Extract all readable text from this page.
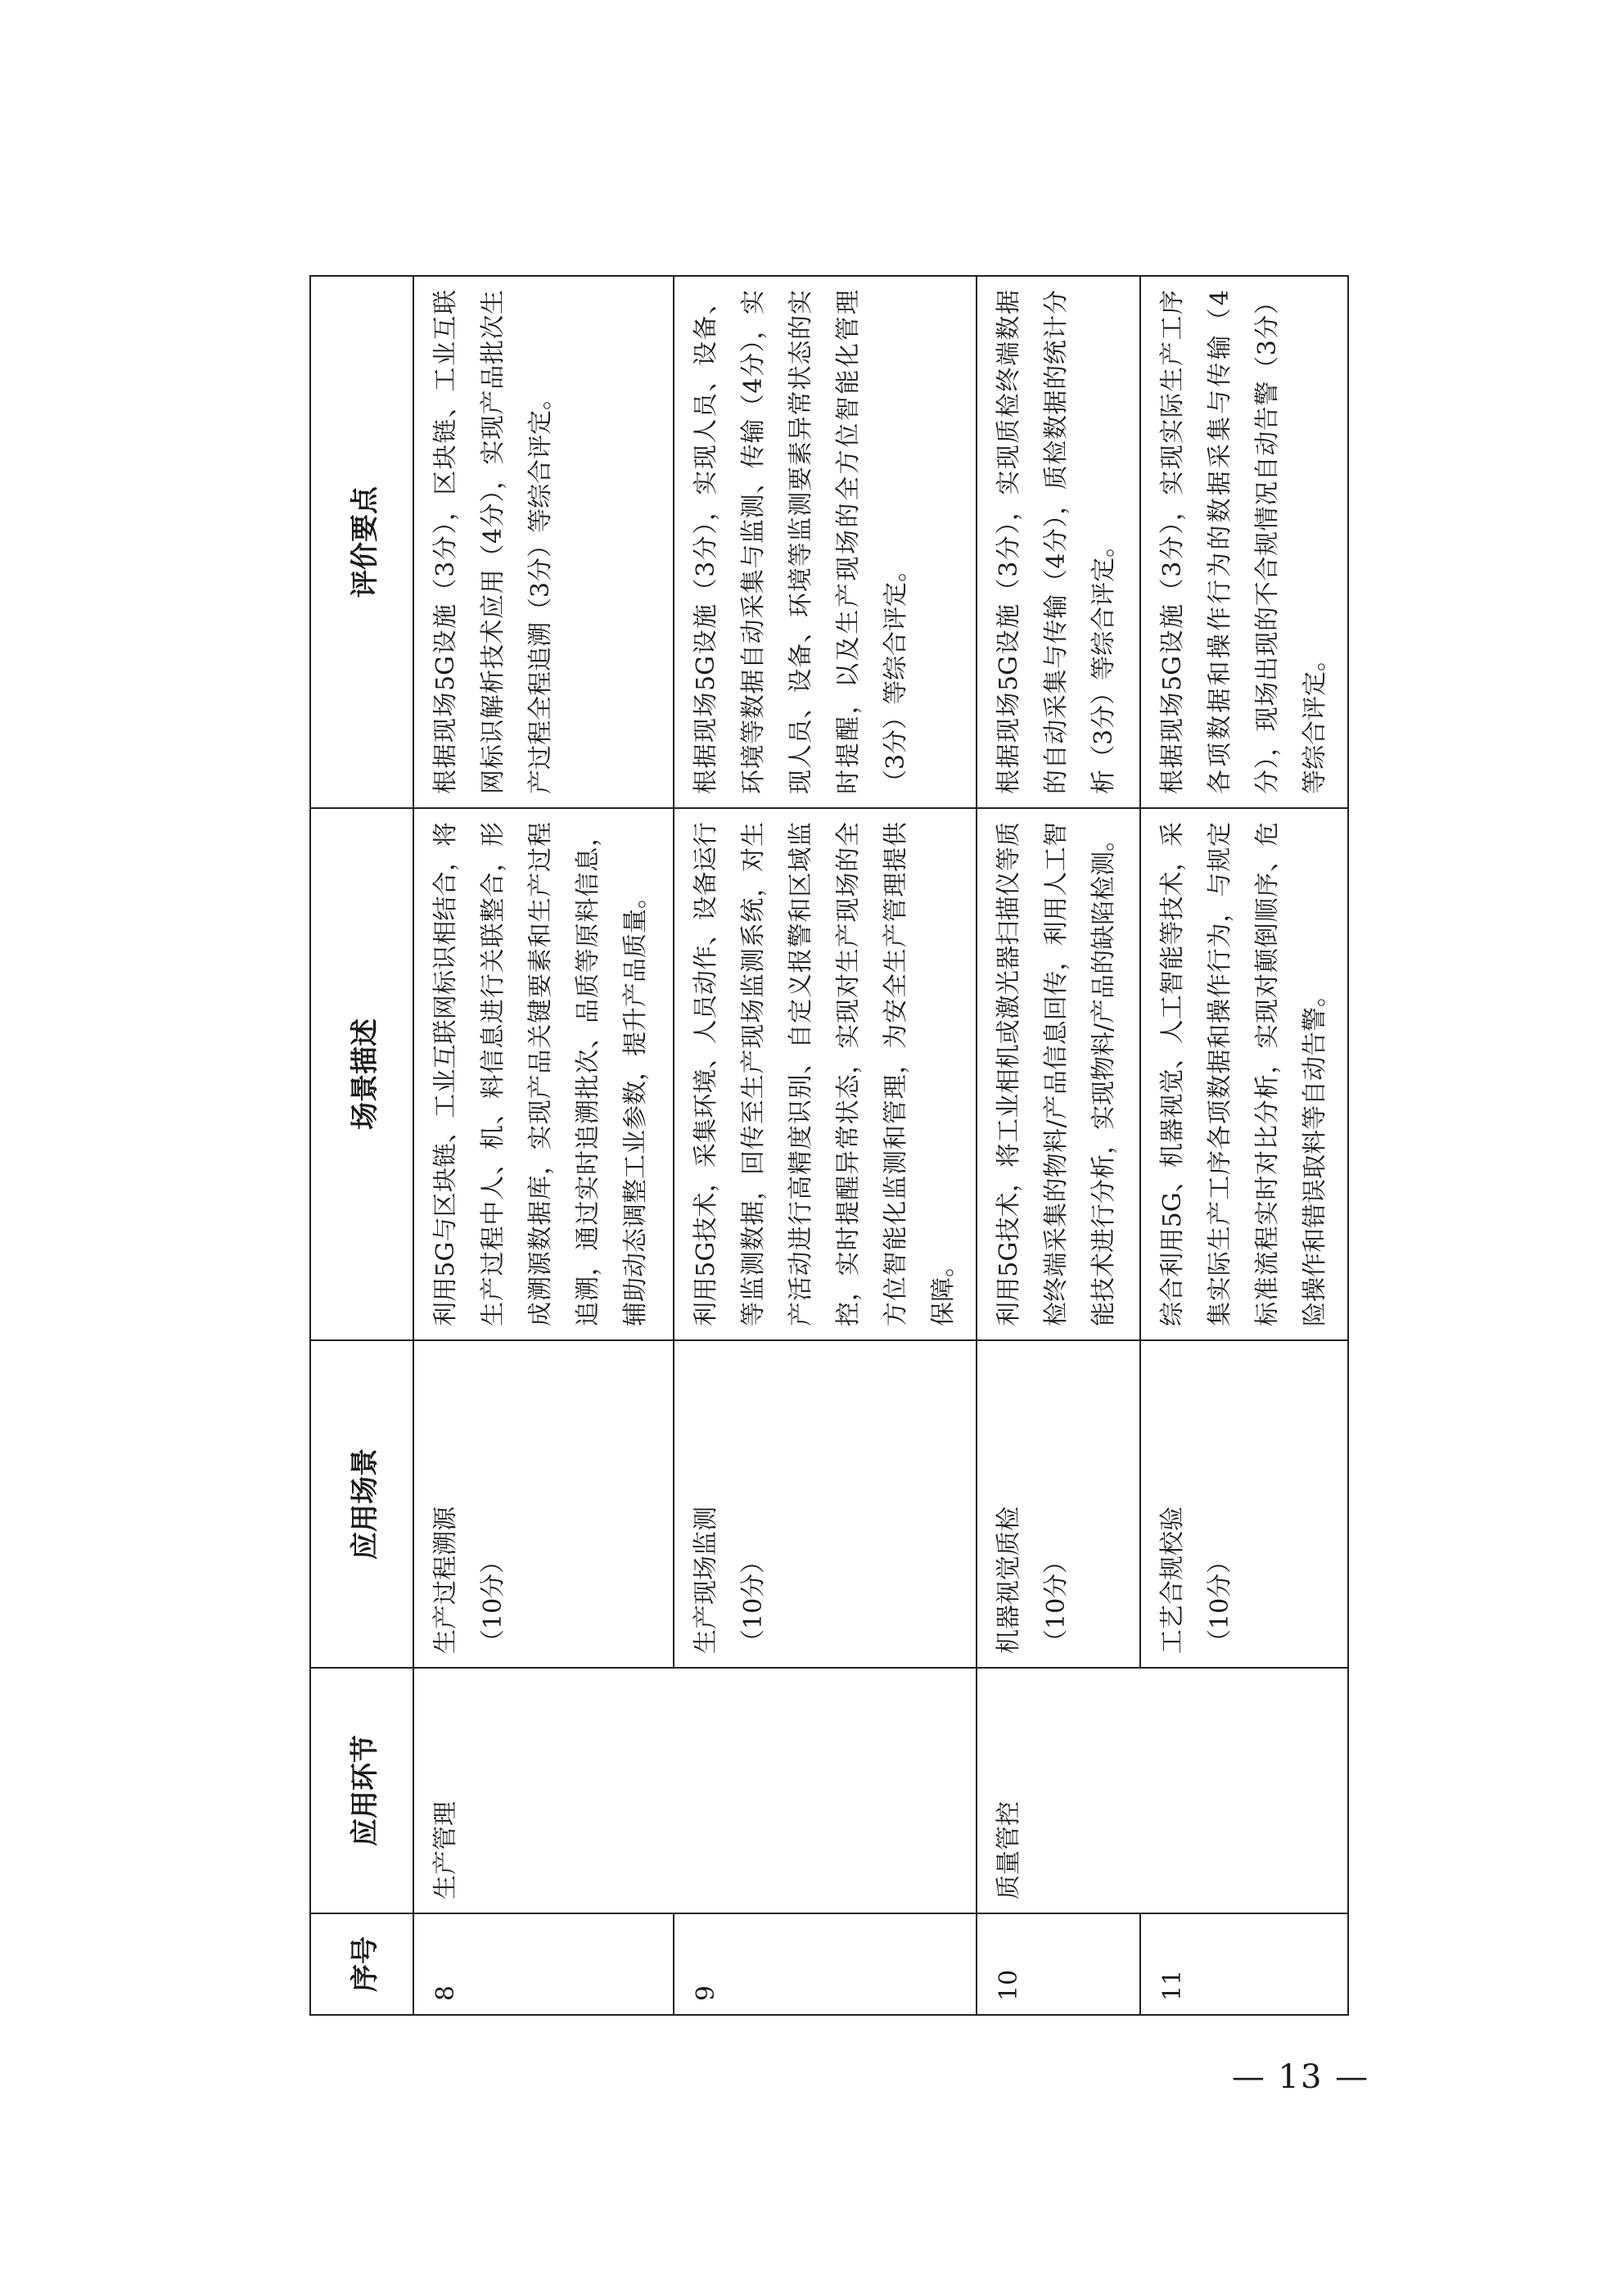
序号	应用环节	应用场景	场景描述	评价要点
8	生产管理	生产过程溯源 （10分）	利用5G与区块链、工业互联网标识相结合，将生产过程中人、机、料信息进行关联整合，形成溯源数据库，实现产品关键要素和生产过程追溯，通过实时追溯批次、品质等原料信息，辅助动态调整工业参数，提升产品质量。	根据现场5G设施（3分），区块链、工业互联网标识解析技术应用（4分），实现产品批次生产过程全程追溯（3分）等综合评定。
9		生产现场监测 （10分）	利用5G技术，采集环境、人员动作、设备运行等监测数据，回传至生产现场监测系统，对生产活动进行高精度识别、自定义报警和区域监控，实时提醒异常状态，实现对生产现场的全方位智能化监测和管理，为安全生产管理提供保障。	根据现场5G设施（3分），实现人员、设备、环境等数据自动采集与监测、传输（4分），实现人员、设备、环境等监测要素异常状态的实时提醒，以及生产现场的全方位智能化管理（3分）等综合评定。
10	质量管控	机器视觉质检 （10分）	利用5G技术，将工业相机或激光器扫描仪等质检终端采集的物料/产品信息回传，利用人工智能技术进行分析，实现物料/产品的缺陷检测。	根据现场5G设施（3分），实现质检终端数据的自动采集与传输（4分），质检数据的统计分析（3分）等综合评定。
11		工艺合规校验 （10分）	综合利用5G、机器视觉、人工智能等技术，采集实际生产工序各项数据和操作行为，与规定标准流程实时对比分析，实现对颠倒顺序、危险操作和错误取料等自动告警。	根据现场5G设施（3分），实现实际生产工序各项数据和操作行为的数据采集与传输（4分），现场出现的不合规情况自动告警（3分）等综合评定。
— 13 —
